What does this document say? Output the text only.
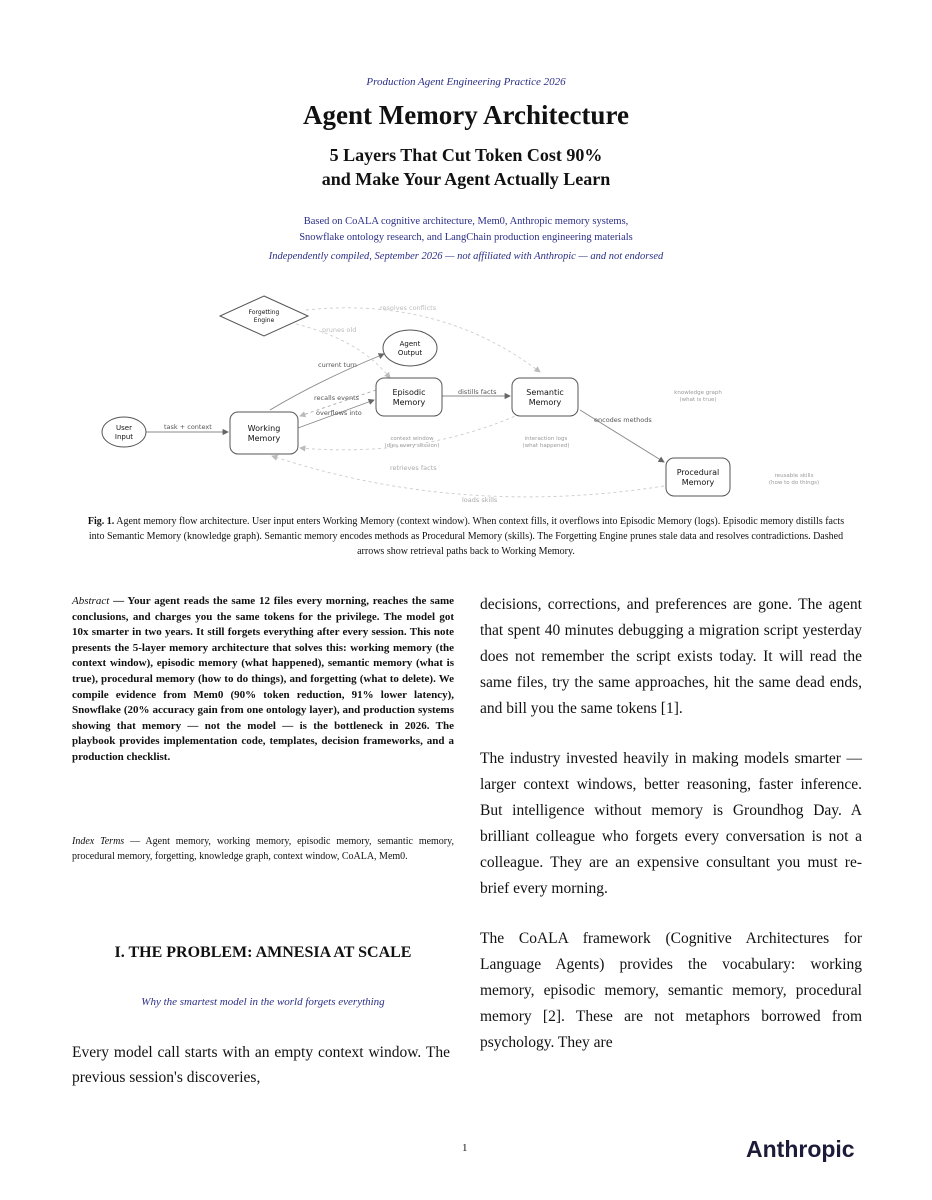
Production Agent Engineering Practice 2026
Agent Memory Architecture
5 Layers That Cut Token Cost 90%
and Make Your Agent Actually Learn
Based on CoALA cognitive architecture, Mem0, Anthropic memory systems,
Snowflake ontology research, and LangChain production engineering materials
Independently compiled, September 2026 — not affiliated with Anthropic — and not endorsed
Forgetting
Engine
Agent
Output
Episodic
Memory
Semantic
Memory
User
Input
Working
Memory
Procedural
Memory
task + context
resolves conflicts
prunes old
current turn
recalls events
overflows into
distills facts
encodes methods
retrieves facts
loads skills
context window
(dies every session)
interaction logs
(what happened)
knowledge graph
(what is true)
reusable skills
(how to do things)
Fig. 1. Agent memory flow architecture. User input enters Working Memory (context window). When context fills, it overflows into Episodic Memory (logs). Episodic memory distills facts into Semantic Memory (knowledge graph). Semantic memory encodes methods as Procedural Memory (skills). The Forgetting Engine prunes stale data and resolves contradictions. Dashed arrows show retrieval paths back to Working Memory.
Abstract — Your agent reads the same 12 files every morning, reaches the same conclusions, and charges you the same tokens for the privilege. The model got 10x smarter in two years. It still forgets everything after every session. This note presents the 5-layer memory architecture that solves this: working memory (the context window), episodic memory (what happened), semantic memory (what is true), procedural memory (how to do things), and forgetting (what to delete). We compile evidence from Mem0 (90% token reduction, 91% lower latency), Snowflake (20% accuracy gain from one ontology layer), and production systems showing that memory — not the model — is the bottleneck in 2026. The playbook provides implementation code, templates, decision frameworks, and a production checklist.
Index Terms — Agent memory, working memory, episodic memory, semantic memory, procedural memory, forgetting, knowledge graph, context window, CoALA, Mem0.
I. THE PROBLEM: AMNESIA AT SCALE
Why the smartest model in the world forgets everything
Every model call starts with an empty context window. The previous session's discoveries,

decisions, corrections, and preferences are gone. The agent that spent 40 minutes debugging a migration script yesterday does not remember the script exists today. It will read the same files, try the same approaches, hit the same dead ends, and bill you the same tokens [1].

The industry invested heavily in making models smarter — larger context windows, better reasoning, faster inference. But intelligence without memory is Groundhog Day. A brilliant colleague who forgets every conversation is not a colleague. They are an expensive consultant you must re-brief every morning.

The CoALA framework (Cognitive Architectures for Language Agents) provides the vocabulary: working memory, episodic memory, semantic memory, procedural memory [2]. These are not metaphors borrowed from psychology. They are

1	Anthropic
